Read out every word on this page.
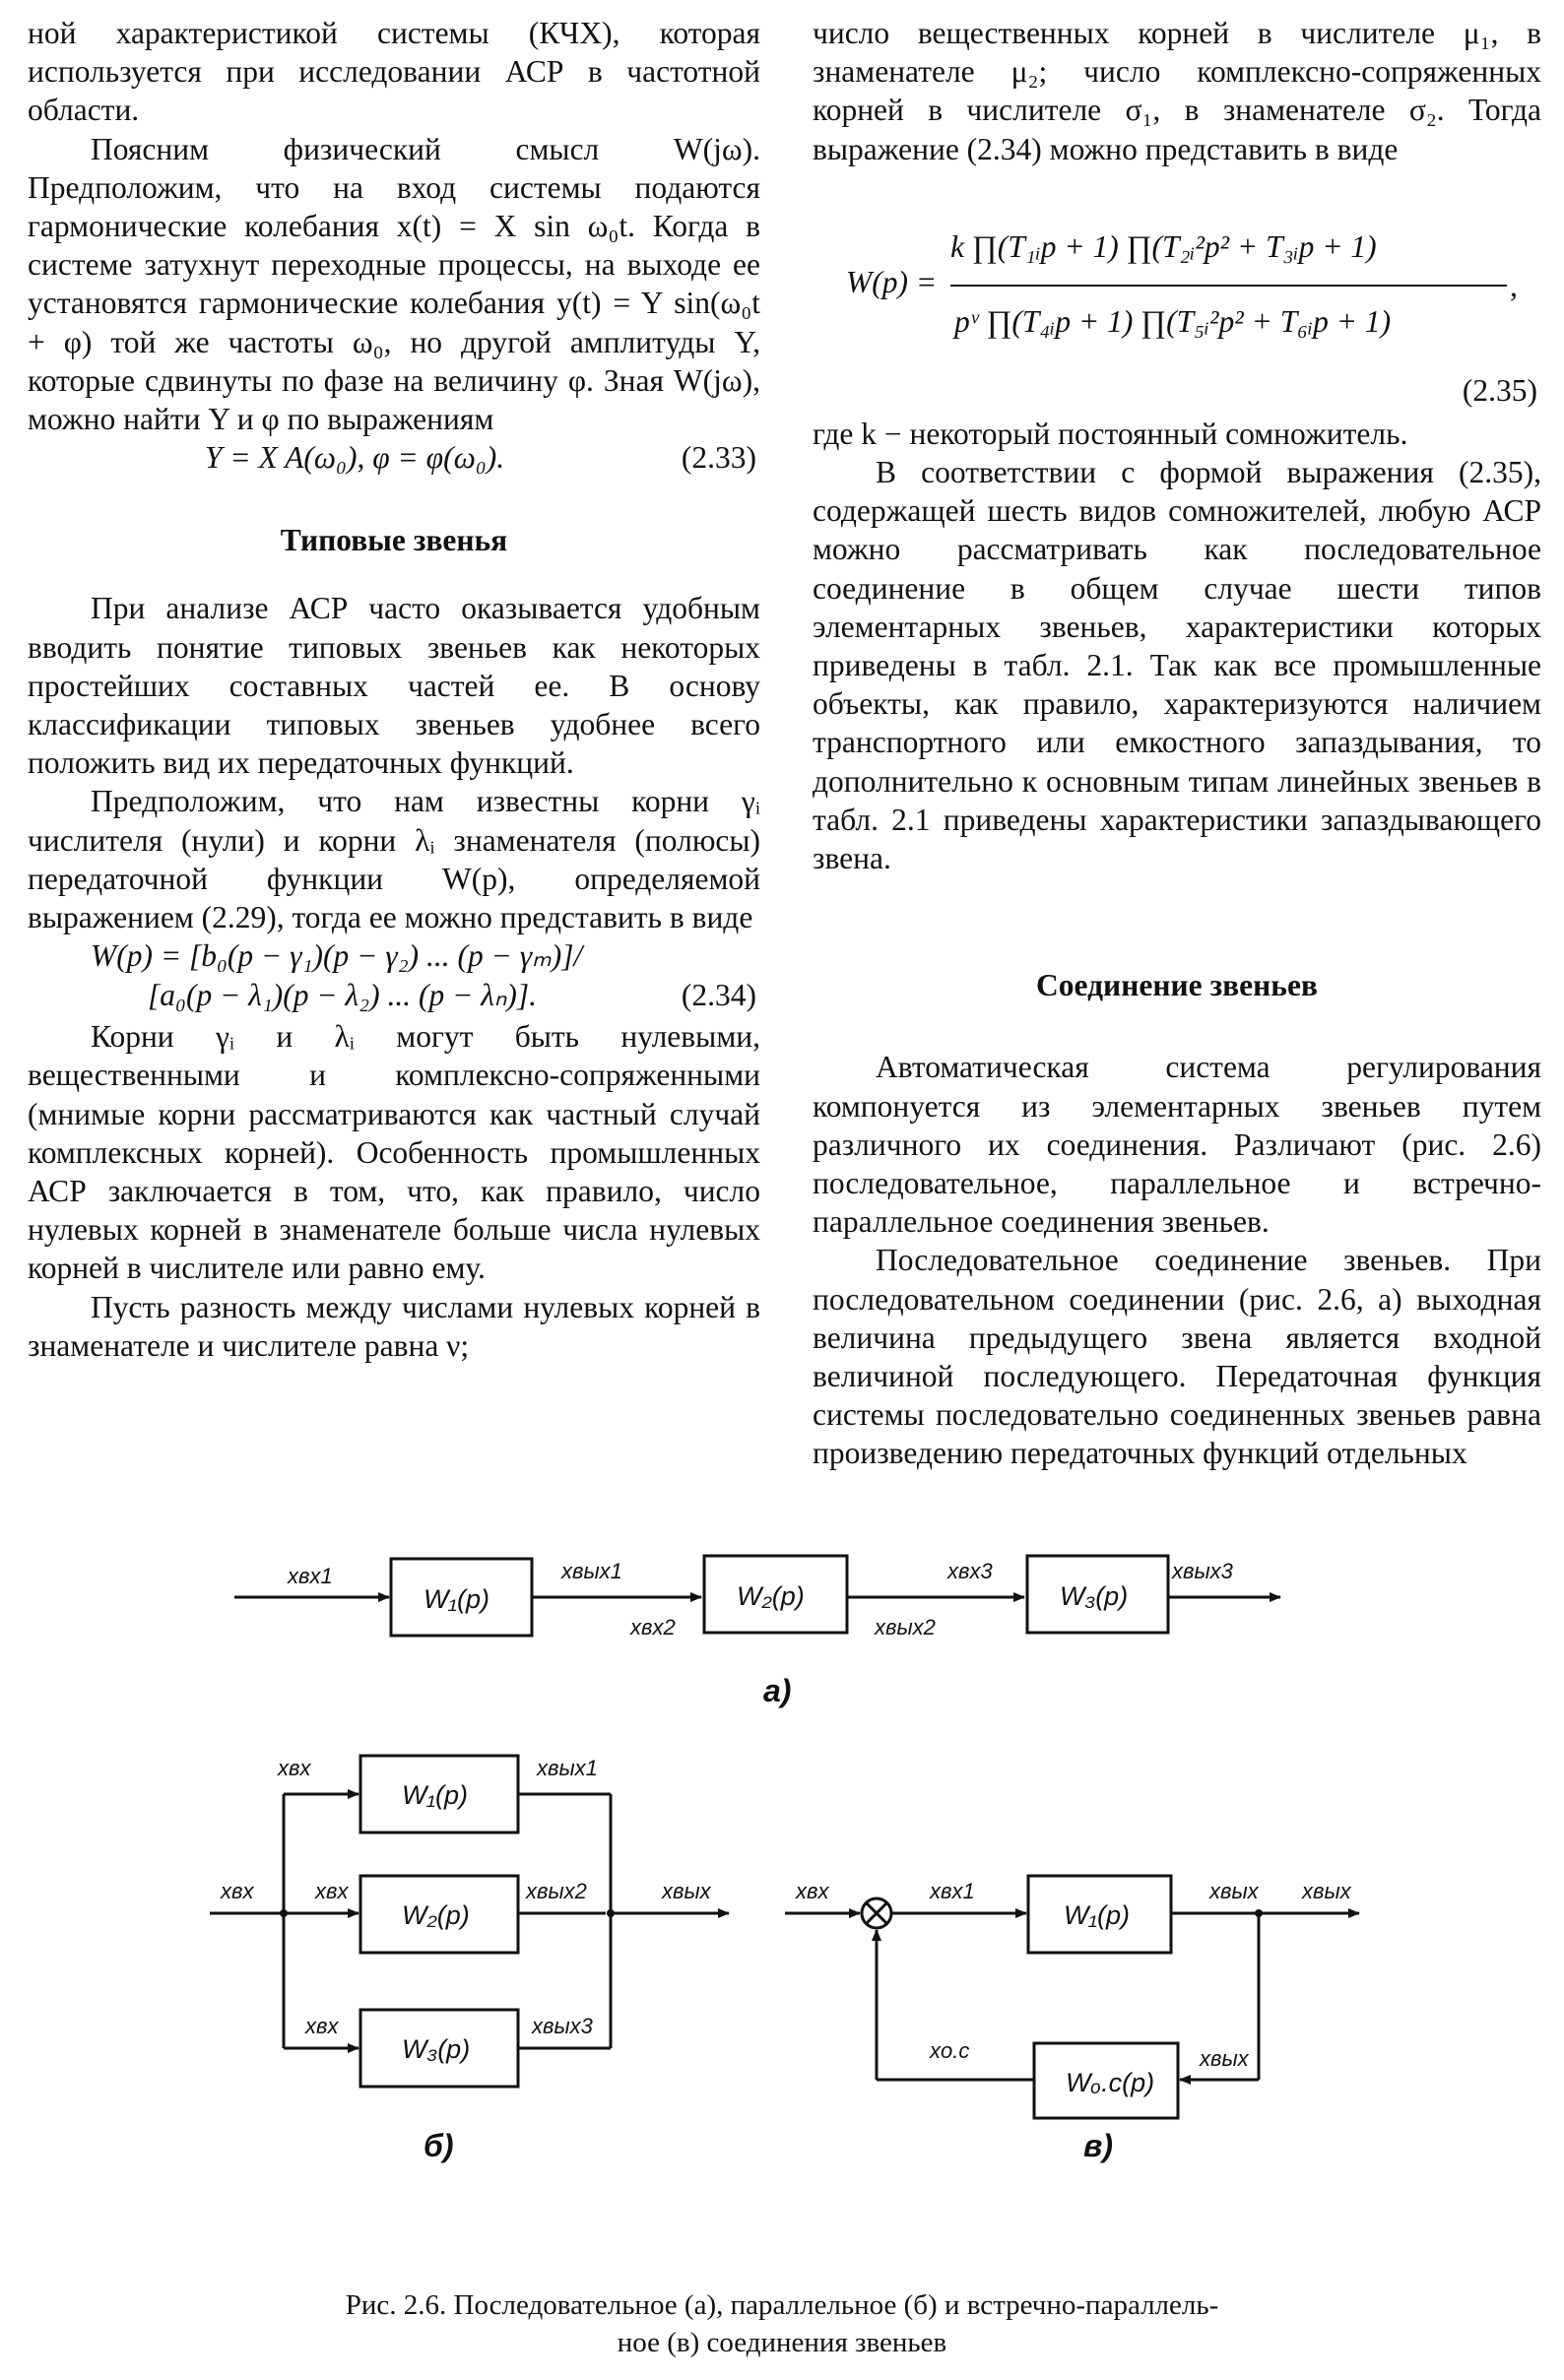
ной характеристикой системы (КЧХ), которая используется при исследовании АСР в частотной области.

Поясним физический смысл W(jω). Предположим, что на вход системы подаются гармонические колебания x(t) = X sin ω₀t. Когда в системе затухнут переходные процессы, на выходе ее установятся гармонические колебания y(t) = Y sin(ω₀t + φ) той же частоты ω₀, но другой амплитуды Y, которые сдвинуты по фазе на величину φ. Зная W(jω), можно найти Y и φ по выражениям

Y = X A(ω₀), φ = φ(ω₀).	(2.33)
Типовые звенья

При анализе АСР часто оказывается удобным вводить понятие типовых звеньев как некоторых простейших составных частей ее. В основу классификации типовых звеньев удобнее всего положить вид их передаточных функций.

Предположим, что нам известны корни γᵢ числителя (нули) и корни λᵢ знаменателя (полюсы) передаточной функции W(p), определяемой выражением (2.29), тогда ее можно представить в виде

W(p) = [b₀(p − γ₁)(p − γ₂) ... (p − γₘ)]/
[a₀(p − λ₁)(p − λ₂) ... (p − λₙ)].	(2.34)

Корни γᵢ и λᵢ могут быть нулевыми, вещественными и комплексно-сопряженными (мнимые корни рассматриваются как частный случай комплексных корней). Особенность промышленных АСР заключается в том, что, как правило, число нулевых корней в знаменателе больше числа нулевых корней в числителе или равно ему.

Пусть разность между числами нулевых корней в знаменателе и числителе равна ν;

число вещественных корней в числителе μ₁, в знаменателе μ₂; число комплексно-сопряженных корней в числителе σ₁, в знаменателе σ₂. Тогда выражение (2.34) можно представить в виде

W(p) =
k ∏(T₁ᵢp + 1) ∏(T₂ᵢ²p² + T₃ᵢp + 1)
pᵛ ∏(T₄ᵢp + 1) ∏(T₅ᵢ²p² + T₆ᵢp + 1)
,
(2.35)

где k − некоторый постоянный сомножитель.

В соответствии с формой выражения (2.35), содержащей шесть видов сомножителей, любую АСР можно рассматривать как последовательное соединение в общем случае шести типов элементарных звеньев, характеристики которых приведены в табл. 2.1. Так как все промышленные объекты, как правило, характеризуются наличием транспортного или емкостного запаздывания, то дополнительно к основным типам линейных звеньев в табл. 2.1 приведены характеристики запаздывающего звена.

Соединение звеньев

Автоматическая система регулирования компонуется из элементарных звеньев путем различного их соединения. Различают (рис. 2.6) последовательное, параллельное и встречно-параллельное соединения звеньев.

Последовательное соединение звеньев. При последовательном соединении (рис. 2.6, а) выходная величина предыдущего звена является входной величиной последующего. Передаточная функция системы последовательно соединенных звеньев равна произведению передаточных функций отдельных

W₁(p)	W₂(p)	W₃(p)
xвх1	xвых1
xвх2	xвых2
xвх3	xвых3
а)
W₁(p)
W₂(p)
W₃(p)
xвх
xвх
xвх
xвх
xвых1
xвых2
xвых3
xвых
б)
W₁(p)
Wₒ.c(p)
xвх	xвх1	xвых xвых
xо.с	xвых
в)
Рис. 2.6. Последовательное (а), параллельное (б) и встречно-параллель-
ное (в) соединения звеньев
